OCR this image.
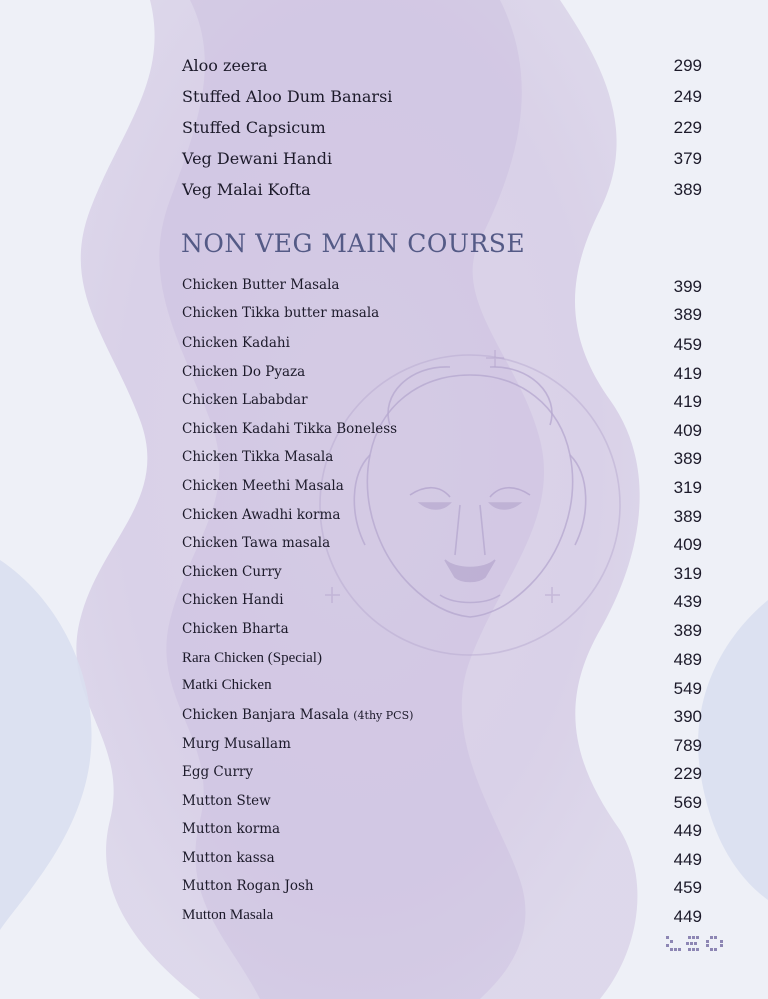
Aloo zeera	299
Stuffed Aloo Dum Banarsi	249
Stuffed Capsicum	229
Veg Dewani Handi	379
Veg Malai Kofta	389
NON VEG MAIN COURSE
Chicken Butter Masala	399
Chicken Tikka butter masala	389
Chicken Kadahi	459
Chicken Do Pyaza	419
Chicken Lababdar	419
Chicken Kadahi Tikka Boneless	409
Chicken Tikka Masala	389
Chicken Meethi Masala	319
Chicken Awadhi korma	389
Chicken Tawa masala	409
Chicken Curry	319
Chicken Handi	439
Chicken Bharta	389
Rara Chicken (Special)	489
Matki Chicken	549
Chicken Banjara Masala (4thy PCS)	390
Murg Musallam	789
Egg Curry	229
Mutton Stew	569
Mutton korma	449
Mutton kassa	449
Mutton Rogan Josh	459
Mutton Masala	449
